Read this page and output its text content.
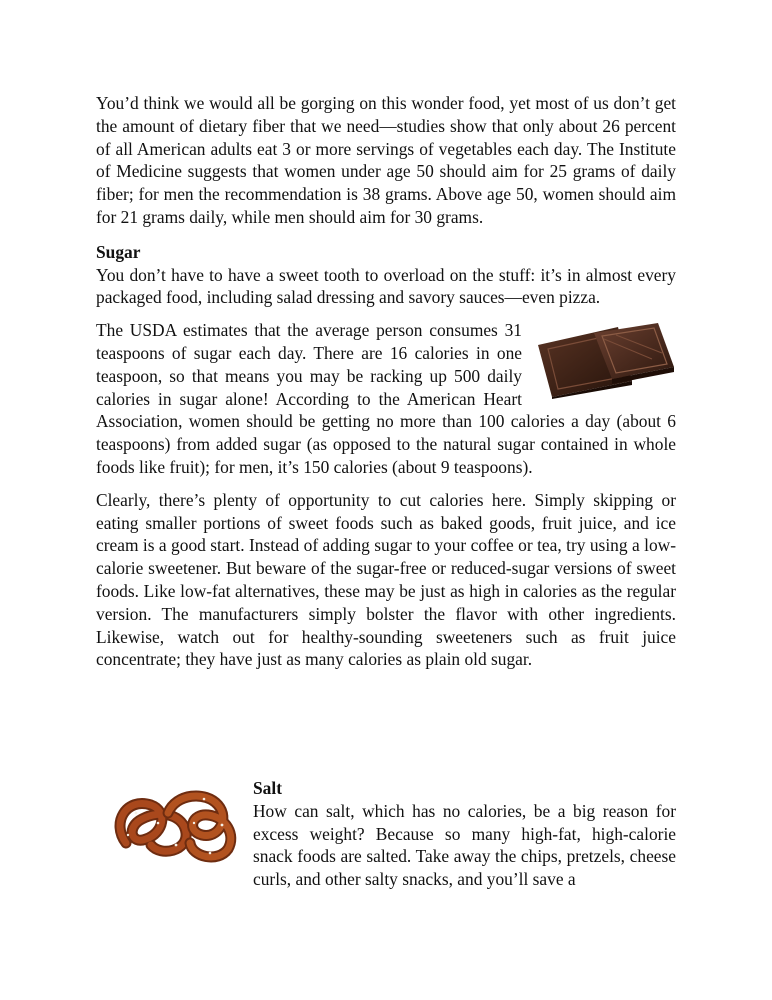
You’d think we would all be gorging on this wonder food, yet most of us don’t get the amount of dietary fiber that we need—studies show that only about 26 percent of all American adults eat 3 or more servings of vegetables each day. The Institute of Medicine suggests that women under age 50 should aim for 25 grams of daily fiber; for men the recommendation is 38 grams. Above age 50, women should aim for 21 grams daily, while men should aim for 30 grams.

Sugar

You don’t have to have a sweet tooth to overload on the stuff: it’s in almost every packaged food, including salad dressing and savory sauces—even pizza.

The USDA estimates that the average person consumes 31 teaspoons of sugar each day. There are 16 calories in one teaspoon, so that means you may be racking up 500 daily calories in sugar alone! According to the American Heart Association, women should be getting no more than 100 calories a day (about 6 teaspoons) from added sugar (as opposed to the natural sugar contained in whole foods like fruit); for men, it’s 150 calories (about 9 teaspoons).

Clearly, there’s plenty of opportunity to cut calories here. Simply skipping or eating smaller portions of sweet foods such as baked goods, fruit juice, and ice cream is a good start. Instead of adding sugar to your coffee or tea, try using a low-calorie sweetener. But beware of the sugar-free or reduced-sugar versions of sweet foods. Like low-fat alternatives, these may be just as high in calories as the regular version. The manufacturers simply bolster the flavor with other ingredients. Likewise, watch out for healthy-sounding sweeteners such as fruit juice concentrate; they have just as many calories as plain old sugar.

Salt

How can salt, which has no calories, be a big reason for excess weight? Because so many high-fat, high-calorie snack foods are salted. Take away the chips, pretzels, cheese curls, and other salty snacks, and you’ll save a
